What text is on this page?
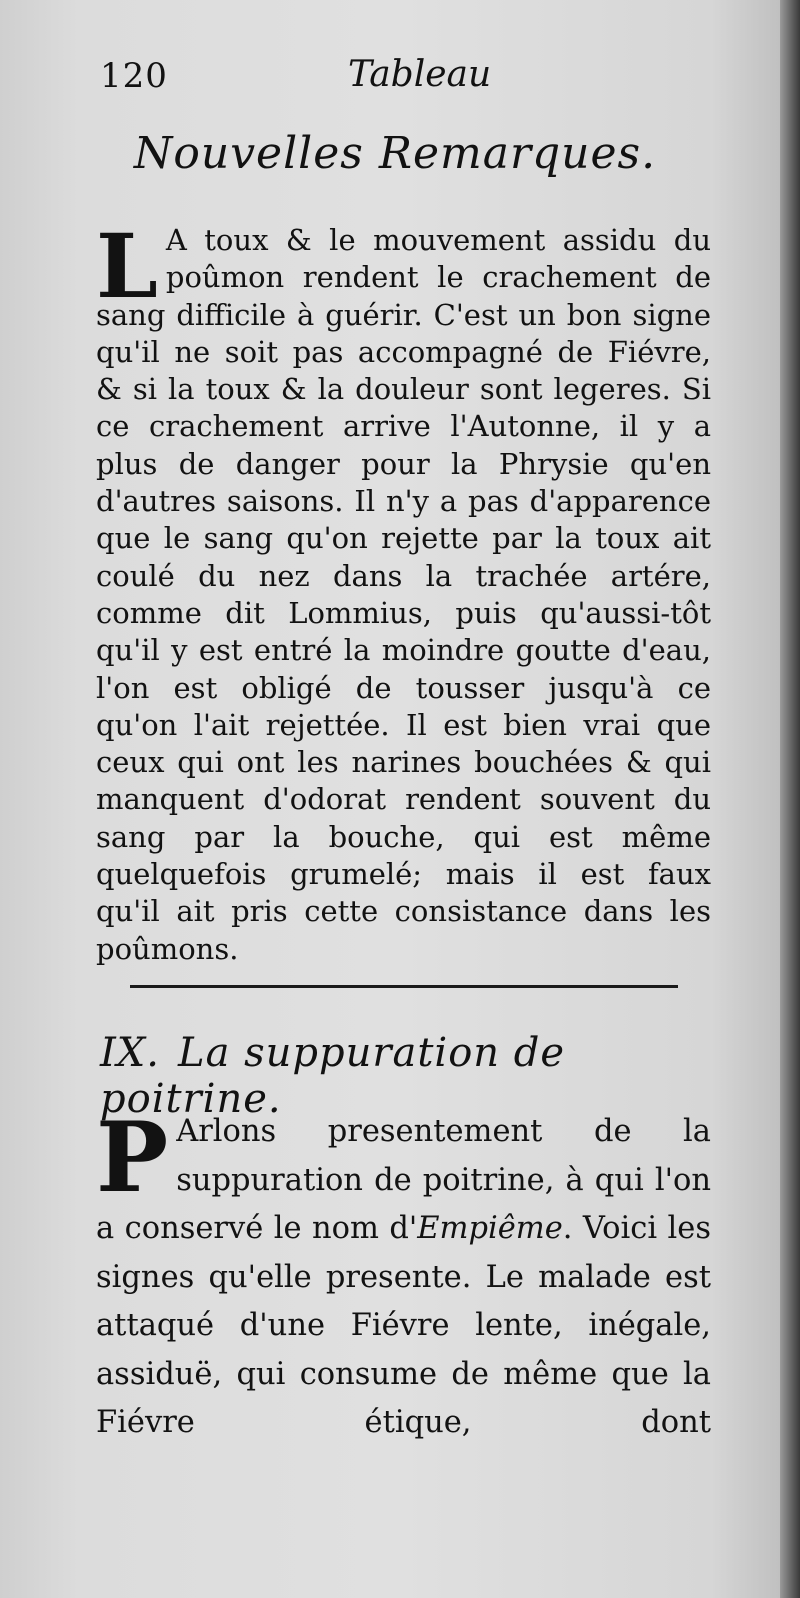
120	Tableau
Nouvelles Remarques.

L A toux & le mouvement assidu du poûmon rendent le crachement de sang difficile à guérir. C'est un bon signe qu'il ne soit pas accompagné de Fiévre, & si la toux & la douleur sont legeres. Si ce crachement arrive l'Autonne, il y a plus de danger pour la Phrysie qu'en d'autres saisons. Il n'y a pas d'apparence que le sang qu'on rejette par la toux ait coulé du nez dans la trachée artére, comme dit Lommius, puis qu'aussi-tôt qu'il y est entré la moindre goutte d'eau, l'on est obligé de tousser jusqu'à ce qu'on l'ait rejettée. Il est bien vrai que ceux qui ont les narines bouchées & qui manquent d'odorat rendent souvent du sang par la bouche, qui est même quelquefois grumelé; mais il est faux qu'il ait pris cette consistance dans les poûmons.

IX. La suppuration de poitrine.

P Arlons presentement de la suppuration de poitrine, à qui l'on a conservé le nom d'Empiême. Voici les signes qu'elle presente. Le malade est attaqué d'une Fiévre lente, inégale, assiduë, qui consume de même que la Fiévre étique, dont
